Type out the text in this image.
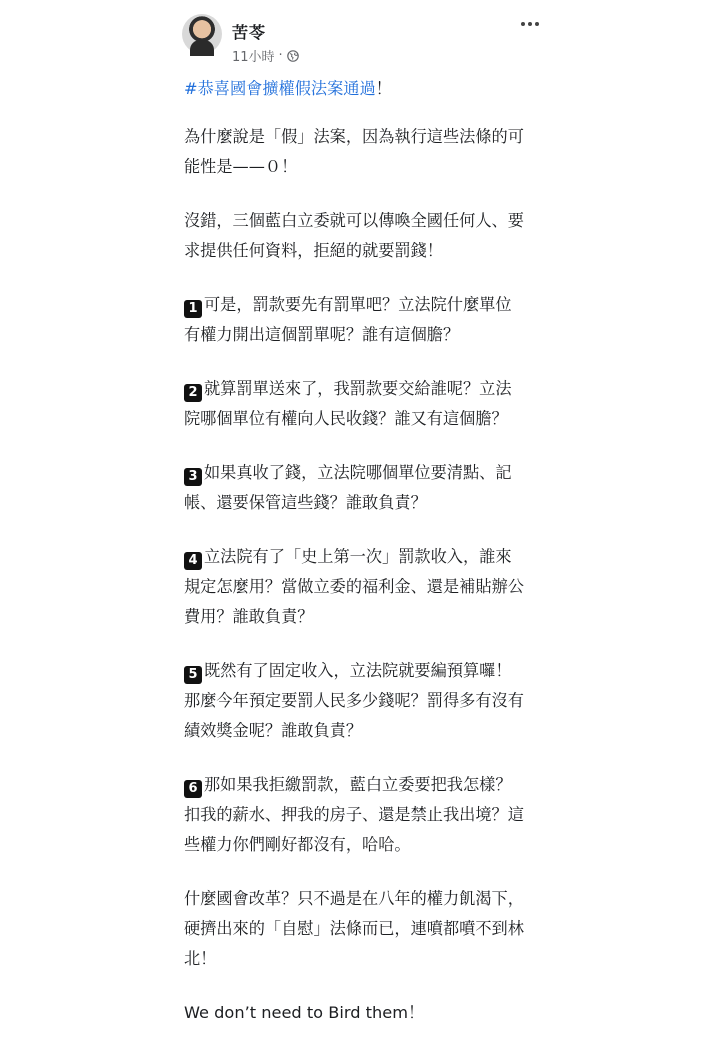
苦苓
11小時 ·
#恭喜國會擴權假法案通過！
為什麼說是「假」法案，因為執行這些法條的可
能性是——０！
沒錯，三個藍白立委就可以傳喚全國任何人、要
求提供任何資料，拒絕的就要罰錢！
1 可是，罰款要先有罰單吧？立法院什麼單位
有權力開出這個罰單呢？誰有這個膽？
2 就算罰單送來了，我罰款要交給誰呢？立法
院哪個單位有權向人民收錢？誰又有這個膽？
3 如果真收了錢，立法院哪個單位要清點、記
帳、還要保管這些錢？誰敢負責？
4 立法院有了「史上第一次」罰款收入，誰來
規定怎麼用？當做立委的福利金、還是補貼辦公
費用？誰敢負責？
5 既然有了固定收入，立法院就要編預算囉！
那麼今年預定要罰人民多少錢呢？罰得多有沒有
績效獎金呢？誰敢負責？
6 那如果我拒繳罰款，藍白立委要把我怎樣？
扣我的薪水、押我的房子、還是禁止我出境？這
些權力你們剛好都沒有，哈哈。
什麼國會改革？只不過是在八年的權力飢渴下，
硬擠出來的「自慰」法條而已，連噴都噴不到林
北！
We don’t need to Bird them！
